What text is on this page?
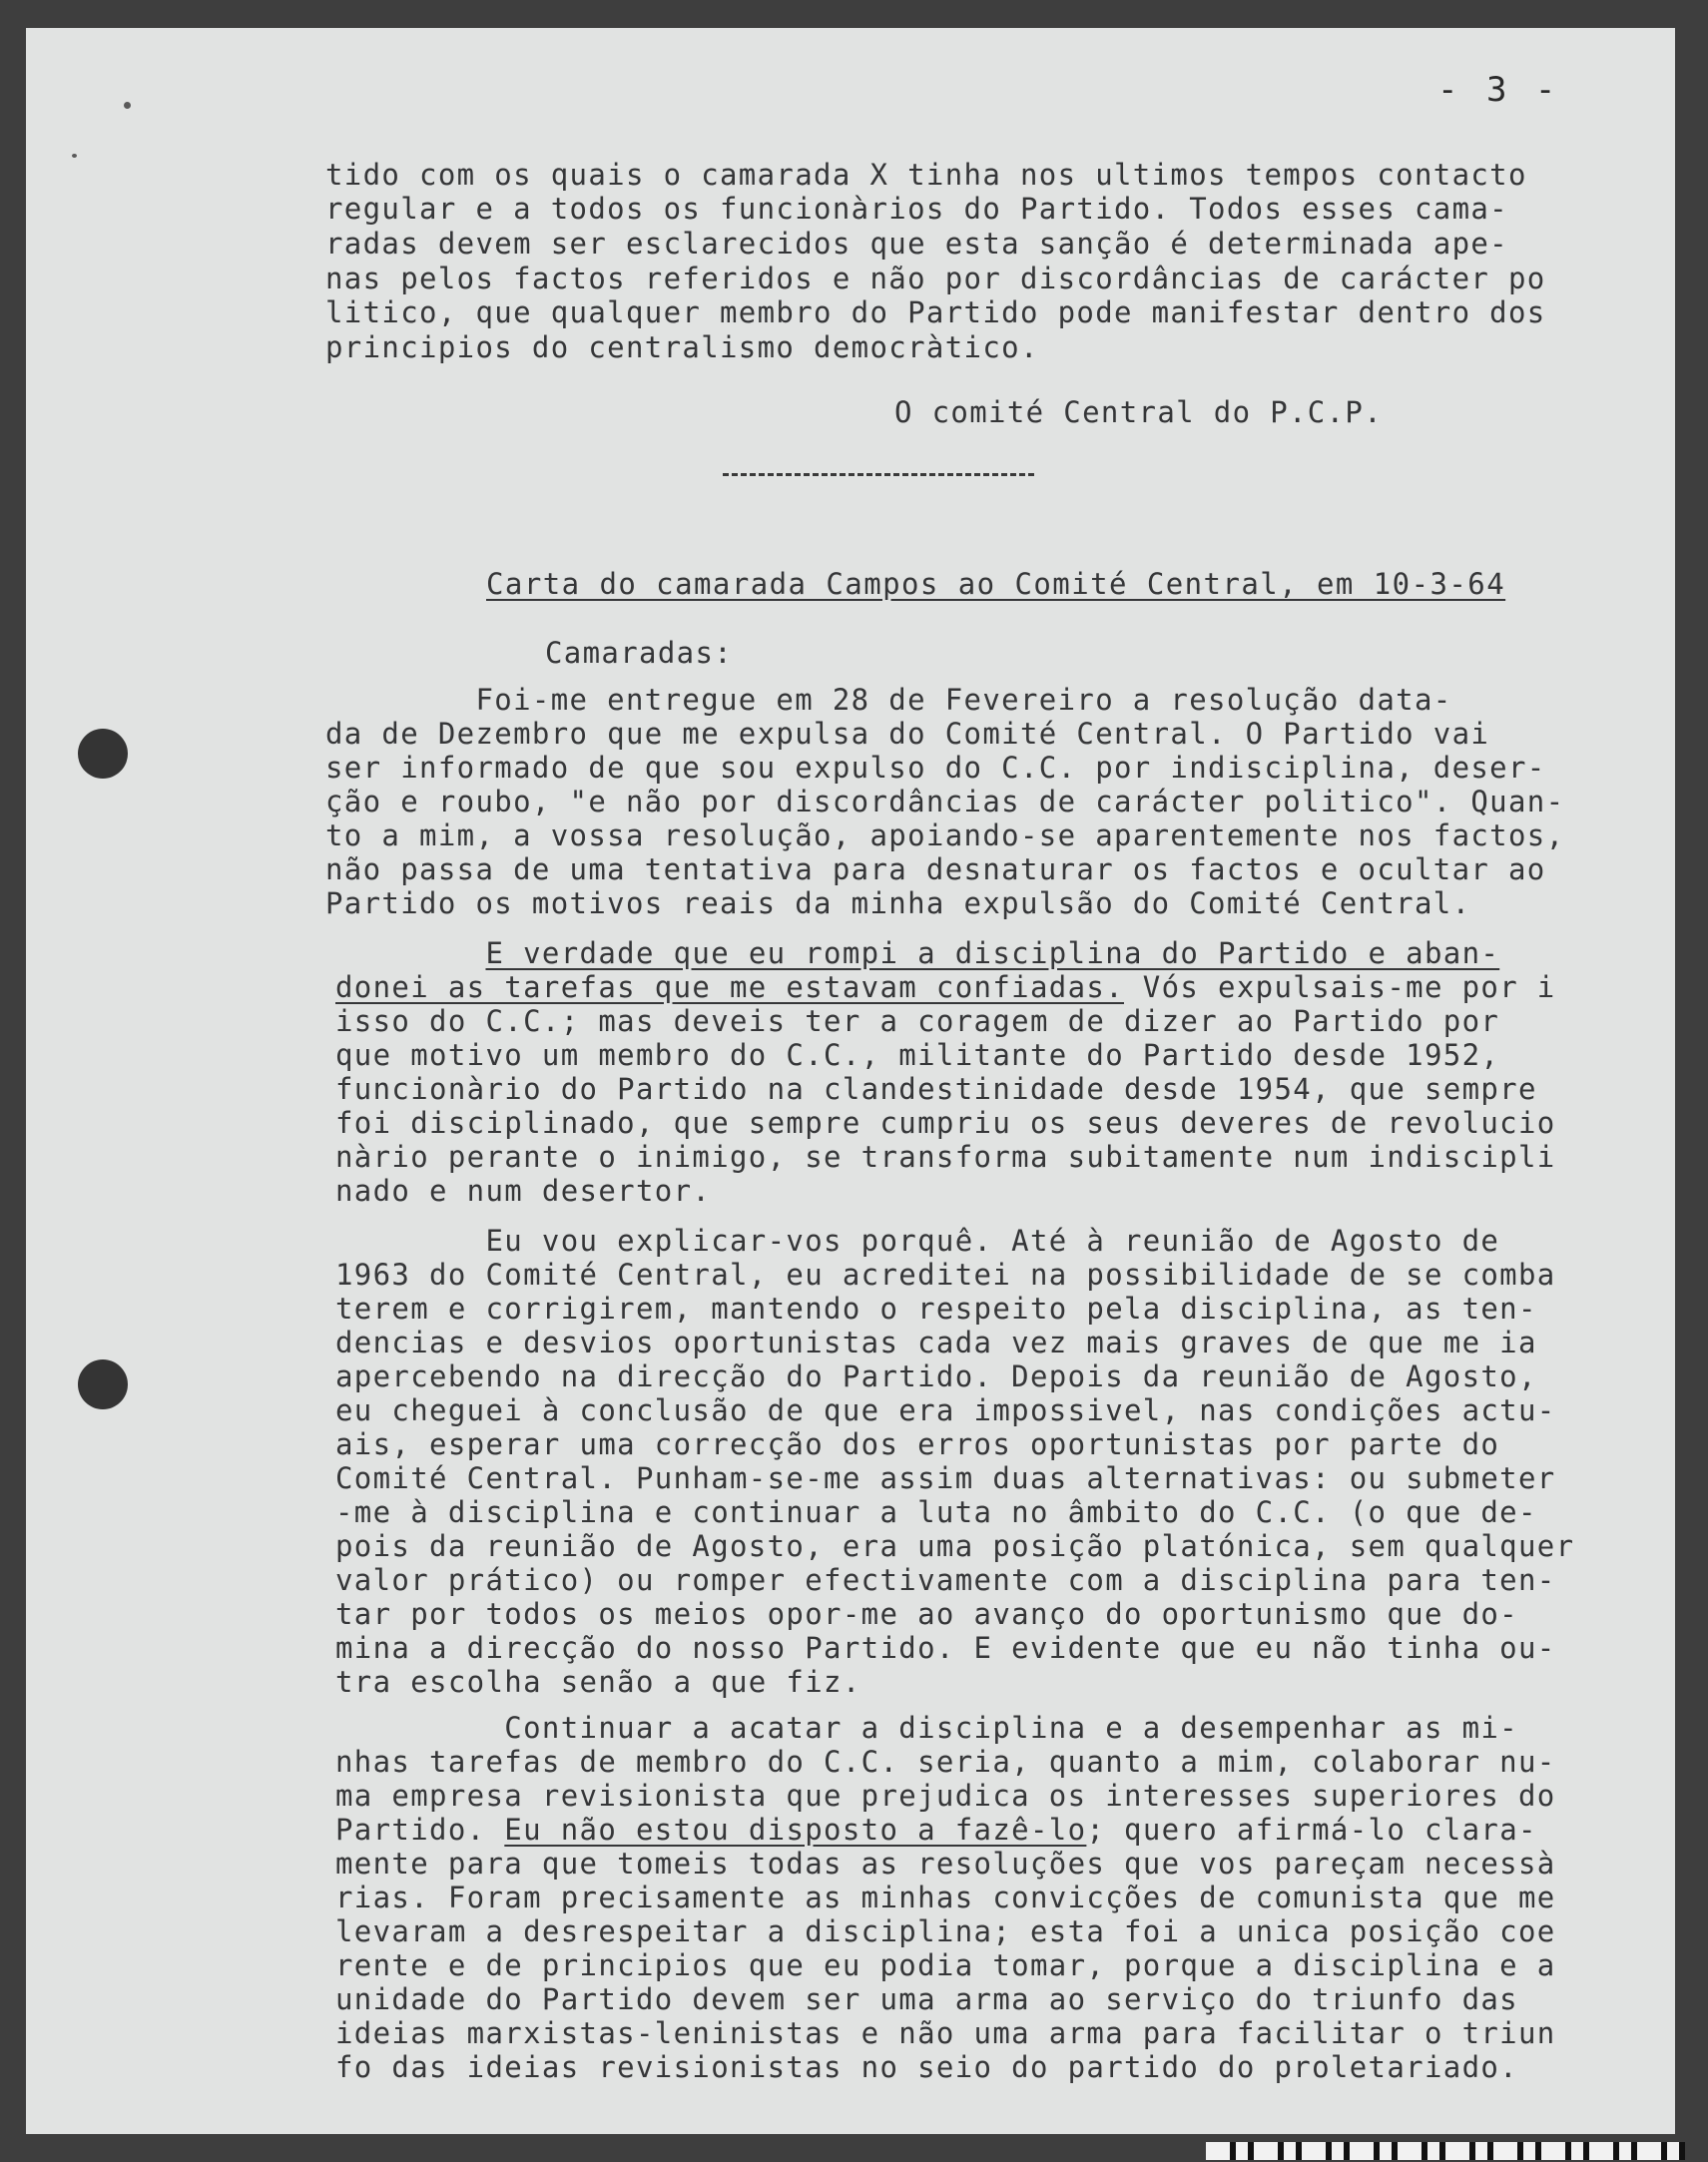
- 3 -
tido com os quais o camarada X tinha nos ultimos tempos contacto
regular e a todos os funcionàrios do Partido. Todos esses cama-
radas devem ser esclarecidos que esta sanção é determinada ape-
nas pelos factos referidos e não por discordâncias de carácter po
litico, que qualquer membro do Partido pode manifestar dentro dos
principios do centralismo democràtico.
O comité Central do P.C.P.
Carta do camarada Campos ao Comité Central, em 10-3-64
Camaradas:
Foi-me entregue em 28 de Fevereiro a resolução data-
da de Dezembro que me expulsa do Comité Central. O Partido vai
ser informado de que sou expulso do C.C. por indisciplina, deser-
ção e roubo, "e não por discordâncias de carácter politico". Quan-
to a mim, a vossa resolução, apoiando-se aparentemente nos factos,
não passa de uma tentativa para desnaturar os factos e ocultar ao
Partido os motivos reais da minha expulsão do Comité Central.
E verdade que eu rompi a disciplina do Partido e aban-
donei as tarefas que me estavam confiadas. Vós expulsais-me por i
isso do C.C.; mas deveis ter a coragem de dizer ao Partido por
que motivo um membro do C.C., militante do Partido desde 1952,
funcionàrio do Partido na clandestinidade desde 1954, que sempre
foi disciplinado, que sempre cumpriu os seus deveres de revolucio
nàrio perante o inimigo, se transforma subitamente num indiscipli
nado e num desertor.
Eu vou explicar-vos porquê. Até à reunião de Agosto de
1963 do Comité Central, eu acreditei na possibilidade de se comba
terem e corrigirem, mantendo o respeito pela disciplina, as ten-
dencias e desvios oportunistas cada vez mais graves de que me ia
apercebendo na direcção do Partido. Depois da reunião de Agosto,
eu cheguei à conclusão de que era impossivel, nas condições actu-
ais, esperar uma correcção dos erros oportunistas por parte do
Comité Central. Punham-se-me assim duas alternativas: ou submeter
-me à disciplina e continuar a luta no âmbito do C.C. (o que de-
pois da reunião de Agosto, era uma posição platónica, sem qualquer
valor prático) ou romper efectivamente com a disciplina para ten-
tar por todos os meios opor-me ao avanço do oportunismo que do-
mina a direcção do nosso Partido. E evidente que eu não tinha ou-
tra escolha senão a que fiz.
Continuar a acatar a disciplina e a desempenhar as mi-
nhas tarefas de membro do C.C. seria, quanto a mim, colaborar nu-
ma empresa revisionista que prejudica os interesses superiores do
Partido. Eu não estou disposto a fazê-lo; quero afirmá-lo clara-
mente para que tomeis todas as resoluções que vos pareçam necessà
rias. Foram precisamente as minhas convicções de comunista que me
levaram a desrespeitar a disciplina; esta foi a unica posição coe
rente e de principios que eu podia tomar, porque a disciplina e a
unidade do Partido devem ser uma arma ao serviço do triunfo das
ideias marxistas-leninistas e não uma arma para facilitar o triun
fo das ideias revisionistas no seio do partido do proletariado.
